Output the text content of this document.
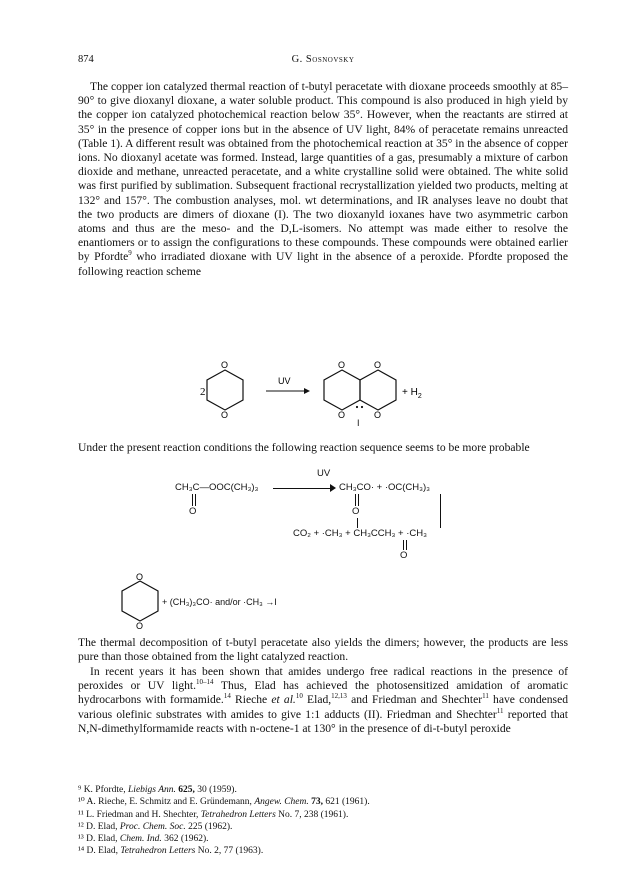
874	G. Sosnovsky

The copper ion catalyzed thermal reaction of t-butyl peracetate with dioxane proceeds smoothly at 85–90° to give dioxanyl dioxane, a water soluble product. This compound is also produced in high yield by the copper ion catalyzed photochemical reaction below 35°. However, when the reactants are stirred at 35° in the presence of copper ions but in the absence of UV light, 84% of peracetate remains unreacted (Table 1). A different result was obtained from the photochemical reaction at 35° in the absence of copper ions. No dioxanyl acetate was formed. Instead, large quantities of a gas, presumably a mixture of carbon dioxide and methane, unreacted peracetate, and a white crystalline solid were obtained. The white solid was first purified by sublimation. Subsequent fractional recrystallization yielded two products, melting at 132° and 157°. The combustion analyses, mol. wt determinations, and IR analyses leave no doubt that the two products are dimers of dioxane (I). The two dioxanyld ioxanes have two asymmetric carbon atoms and thus are the meso- and the D,L-isomers. No attempt was made either to resolve the enantiomers or to assign the configurations to these compounds. These compounds were obtained earlier by Pfordte$^9$ who irradiated dioxane with UV light in the absence of a peroxide. Pfordte proposed the following reaction scheme

2
O
O
UV
O	O
O	O
+ $H_2$
I

Under the present reaction conditions the following reaction sequence seems to be more probable

UV
CH₃C—OOC(CH₃)₃	CH₃CO· + ·OC(CH₃)₃
O	O
CO₂ + ·CH₃ + CH₃CCH₃ + ·CH₃
O
O
O
+ (CH₃)₃CO· and/or ·CH₃ →I

The thermal decomposition of t-butyl peracetate also yields the dimers; however, the products are less pure than those obtained from the light catalyzed reaction.

In recent years it has been shown that amides undergo free radical reactions in the presence of peroxides or UV light.$^{10-14}$ Thus, Elad has achieved the photosensitized amidation of aromatic hydrocarbons with formamide.$^{14}$ Rieche et al.$^{10}$ Elad,$^{12,13}$ and Friedman and Shechter$^{11}$ have condensed various olefinic substrates with amides to give 1:1 adducts (II). Friedman and Shechter$^{11}$ reported that N,N-dimethylformamide reacts with n-octene-1 at 130° in the presence of di-t-butyl peroxide

⁹ K. Pfordte, Liebigs Ann. 625, 30 (1959).
¹⁰ A. Rieche, E. Schmitz and E. Gründemann, Angew. Chem. 73, 621 (1961).
¹¹ L. Friedman and H. Shechter, Tetrahedron Letters No. 7, 238 (1961).
¹² D. Elad, Proc. Chem. Soc. 225 (1962).
¹³ D. Elad, Chem. Ind. 362 (1962).
¹⁴ D. Elad, Tetrahedron Letters No. 2, 77 (1963).
